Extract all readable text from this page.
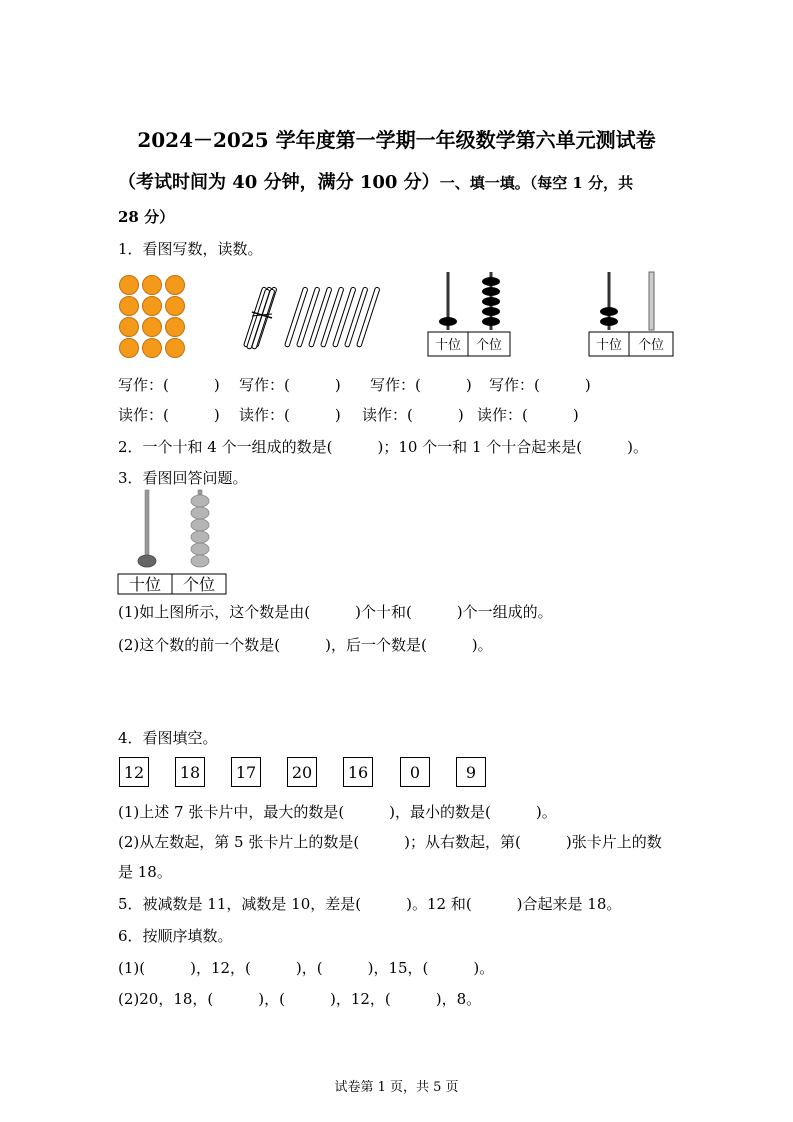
2024－2025 学年度第一学期一年级数学第六单元测试卷
（考试时间为 40 分钟，满分 100 分）一、填一填。（每空 1 分，共
28 分）
1．看图写数，读数。
十位 个位	十位 个位
写作：(　　　) 写作：(　　　) 写作：(　　　) 写作：(　　　)
读作：(　　　) 读作：(　　　) 读作：(　　　) 读作：(　　　)
2．一个十和 4 个一组成的数是(　　　)；10 个一和 1 个十合起来是(　　　)。
3．看图回答问题。
十位 个位
(1)如上图所示，这个数是由(　　　)个十和(　　　)个一组成的。
(2)这个数的前一个数是(　　　)，后一个数是(　　　)。
4．看图填空。
12	18	17	20	16	0	9
(1)上述 7 张卡片中，最大的数是(　　　)，最小的数是(　　　)。
(2)从左数起，第 5 张卡片上的数是(　　　)；从右数起，第(　　　)张卡片上的数
是 18。
5．被减数是 11，减数是 10，差是(　　　)。12 和(　　　)合起来是 18。
6．按顺序填数。
(1)(　　　)，12，(　　　)，(　　　)，15，(　　　)。
(2)20，18，(　　　)，(　　　)，12，(　　　)，8。
试卷第 1 页，共 5 页
